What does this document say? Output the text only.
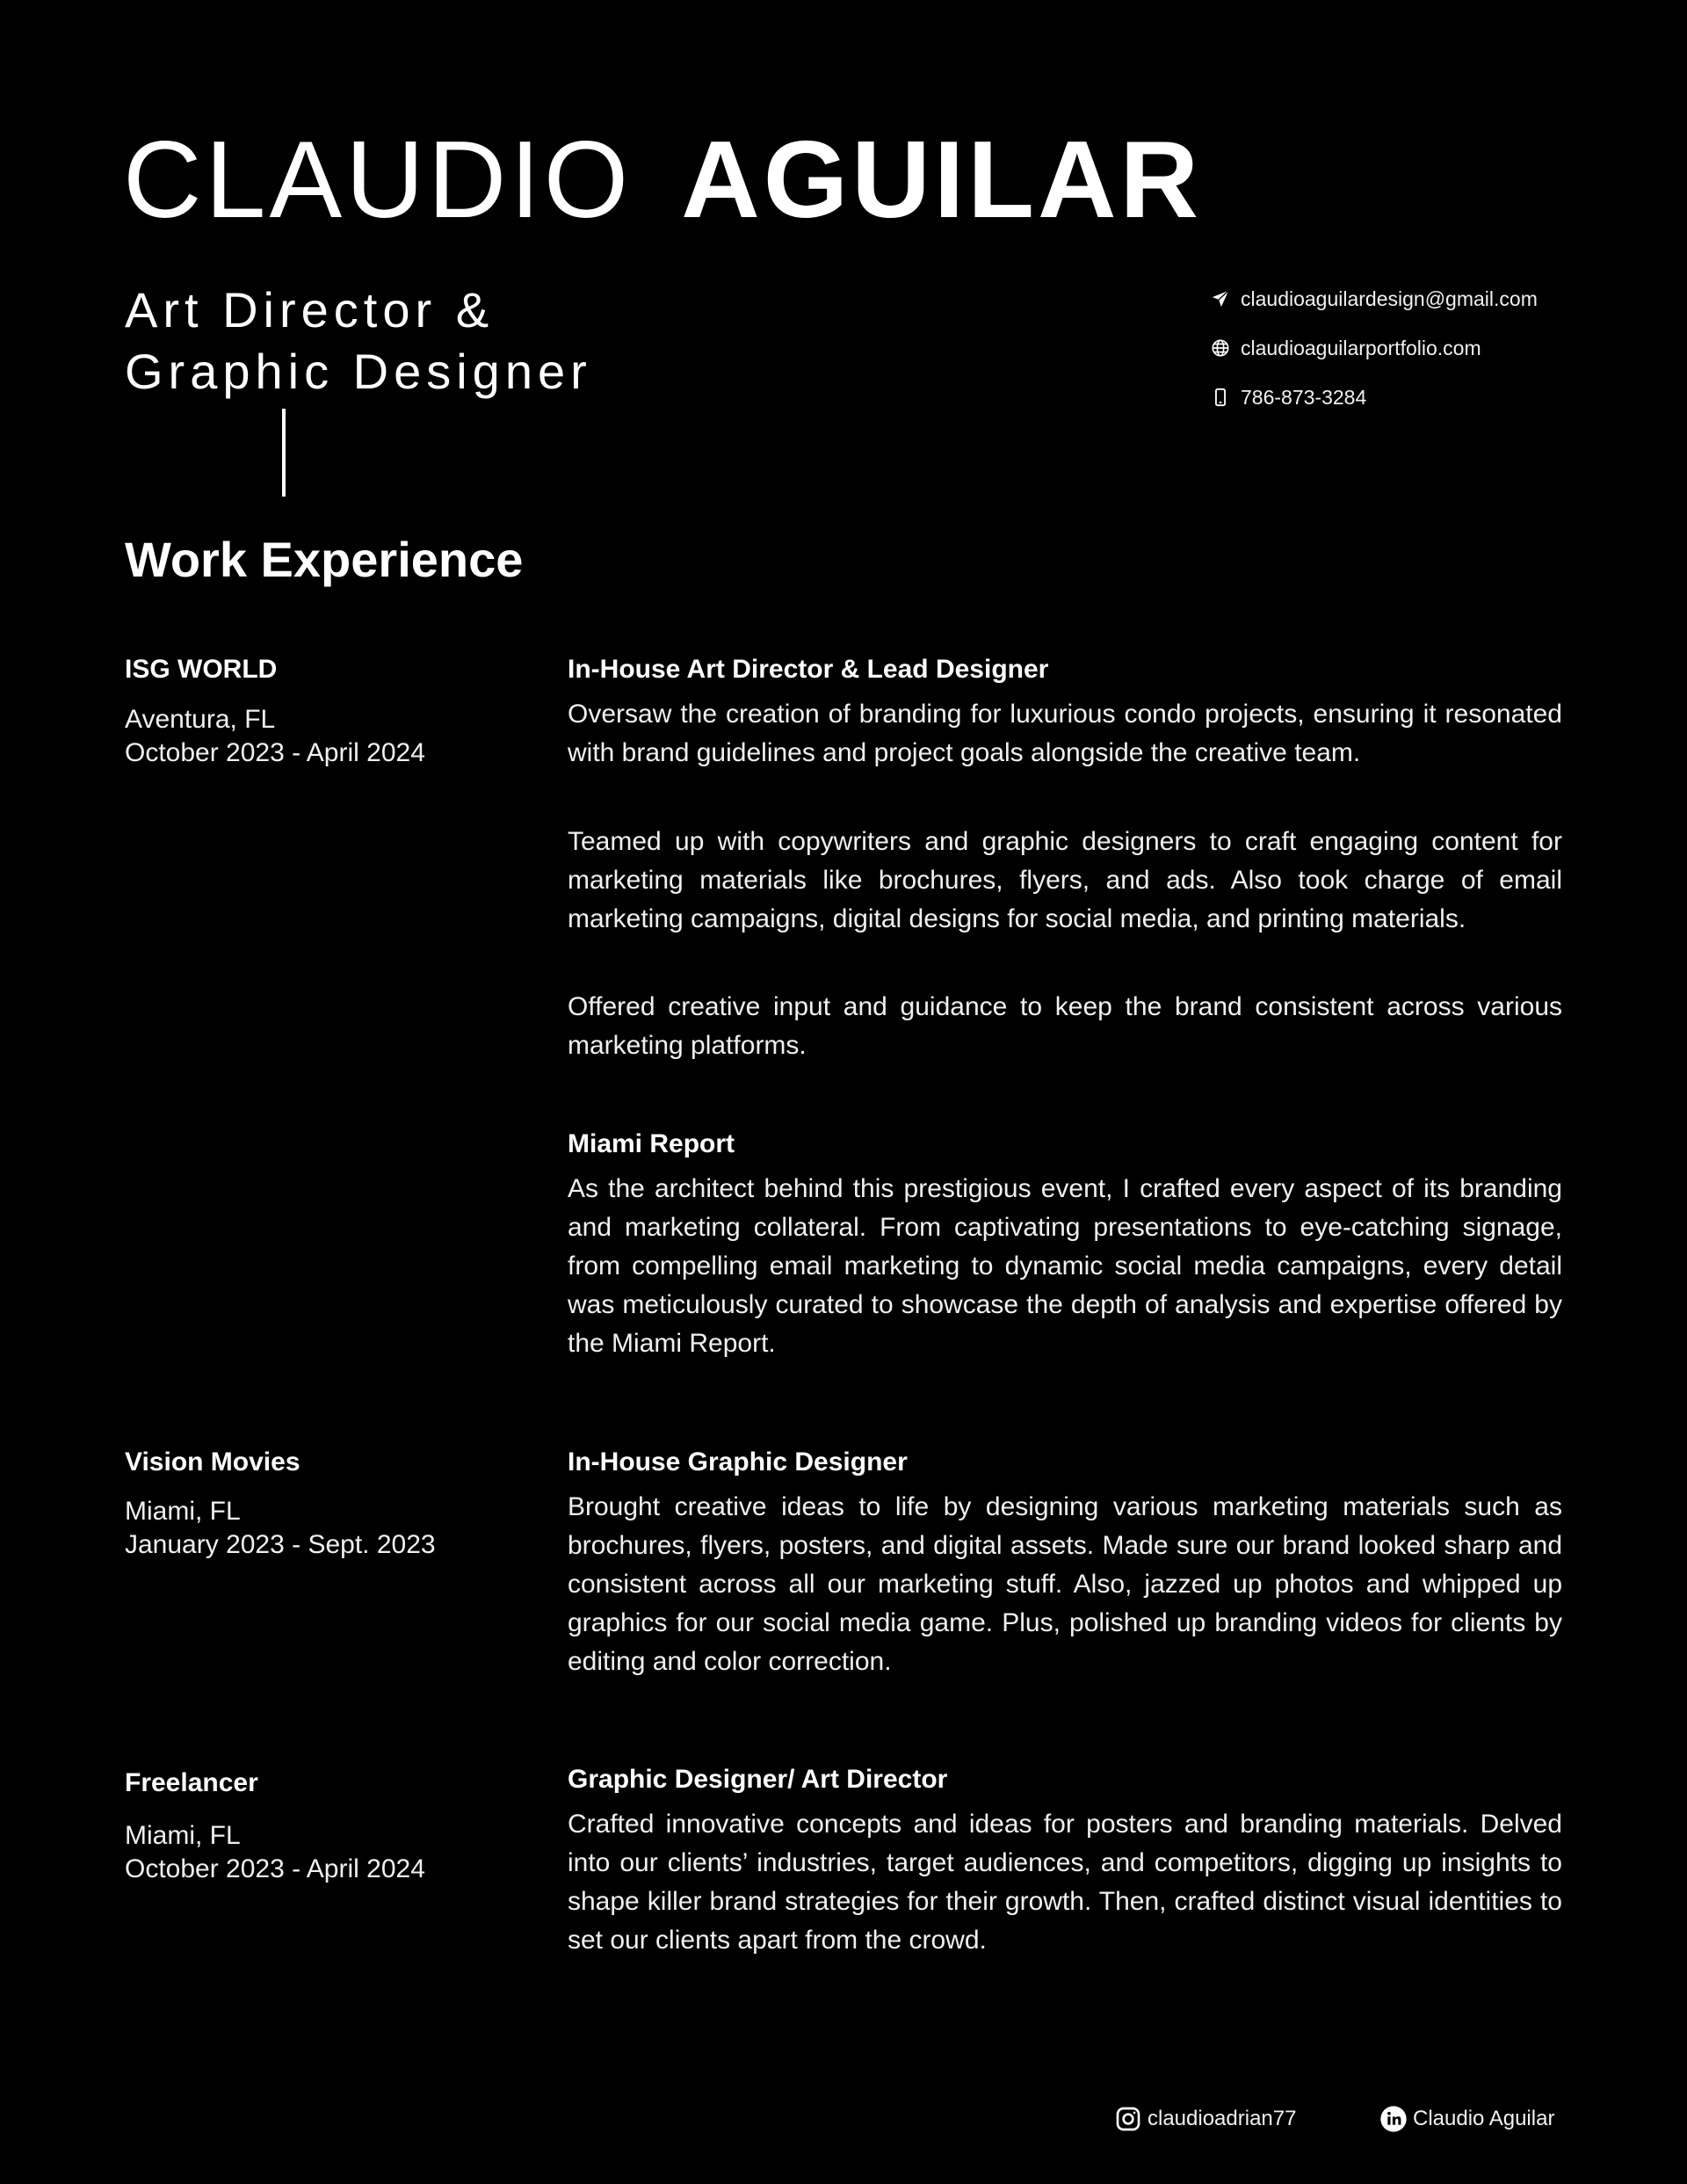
CLAUDIO AGUILAR
Art Director &
Graphic Designer
claudioaguilardesign@gmail.com
claudioaguilarportfolio.com
786-873-3284
Work Experience
ISG WORLD
Aventura, FL
October 2023 - April 2024
In-House Art Director & Lead Designer

Oversaw the creation of branding for luxurious condo projects, ensuring it resonated with brand guidelines and project goals alongside the creative team.

Teamed up with copywriters and graphic designers to craft engaging content for marketing materials like brochures, flyers, and ads. Also took charge of email marketing campaigns, digital designs for social media, and printing materials.

Offered creative input and guidance to keep the brand consistent across various marketing platforms.

Miami Report

As the architect behind this prestigious event, I crafted every aspect of its branding and marketing collateral. From captivating presentations to eye-catching signage, from compelling email marketing to dynamic social media campaigns, every detail was meticulously curated to showcase the depth of analysis and expertise offered by the Miami Report.

Vision Movies
Miami, FL
January 2023 - Sept. 2023
In-House Graphic Designer

Brought creative ideas to life by designing various marketing materials such as brochures, flyers, posters, and digital assets. Made sure our brand looked sharp and consistent across all our marketing stuff. Also, jazzed up photos and whipped up graphics for our social media game. Plus, polished up branding videos for clients by editing and color correction.

Freelancer
Miami, FL
October 2023 - April 2024
Graphic Designer/ Art Director

Crafted innovative concepts and ideas for posters and branding materials. Delved into our clients’ industries, target audiences, and competitors, digging up insights to shape killer brand strategies for their growth. Then, crafted distinct visual identities to set our clients apart from the crowd.

claudioadrian77	Claudio Aguilar
